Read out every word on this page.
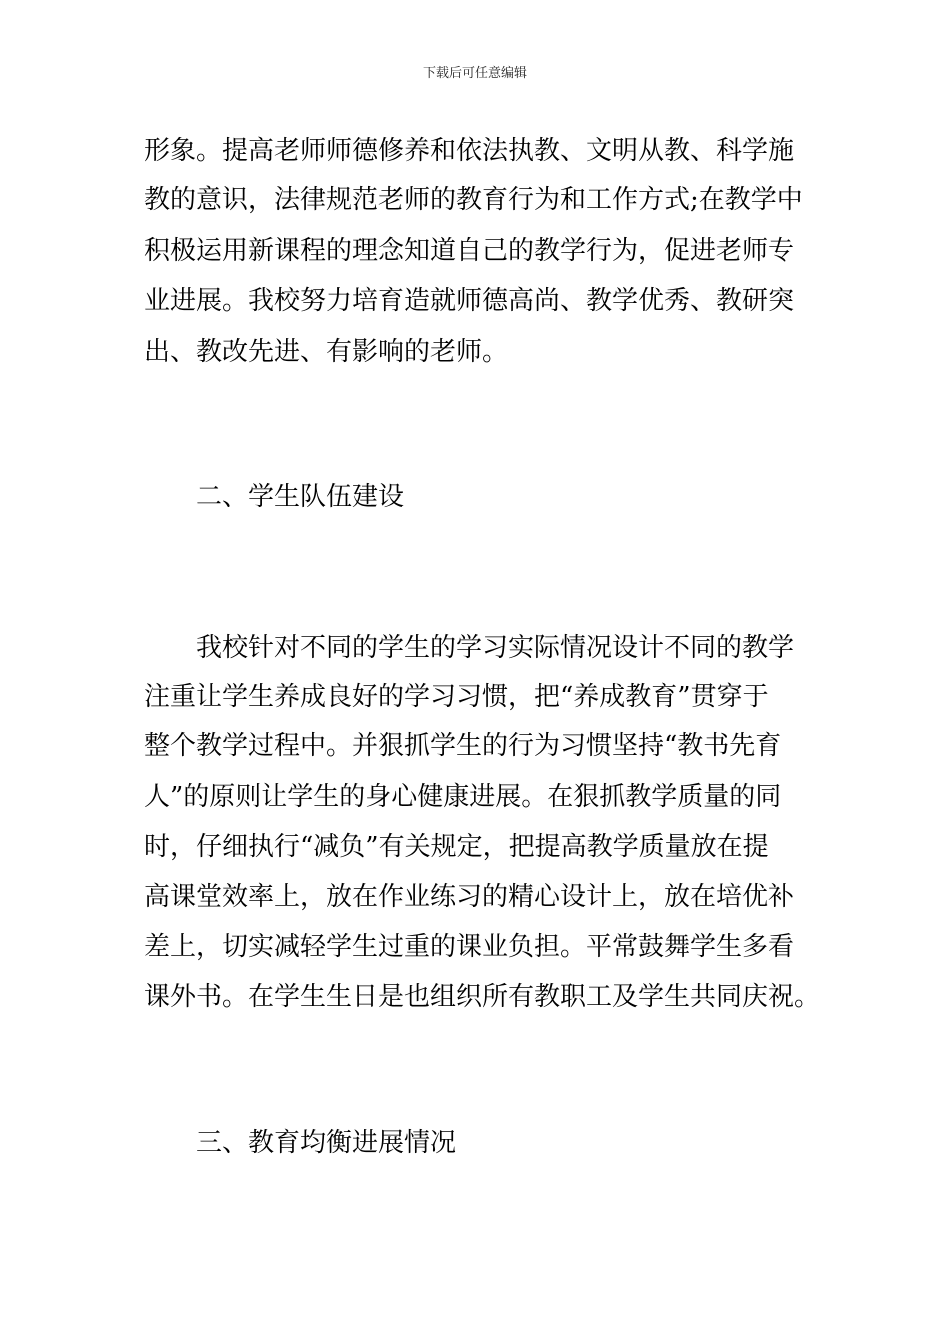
下载后可任意编辑
形象。提高老师师德修养和依法执教、文明从教、科学施
教的意识，法律规范老师的教育行为和工作方式;在教学中
积极运用新课程的理念知道自己的教学行为，促进老师专
业进展。我校努力培育造就师德高尚、教学优秀、教研突
出、教改先进、有影响的老师。
二、学生队伍建设
我校针对不同的学生的学习实际情况设计不同的教学
注重让学生养成良好的学习习惯，把“养成教育”贯穿于
整个教学过程中。并狠抓学生的行为习惯坚持“教书先育
人”的原则让学生的身心健康进展。在狠抓教学质量的同
时，仔细执行“减负”有关规定，把提高教学质量放在提
高课堂效率上，放在作业练习的精心设计上，放在培优补
差上，切实减轻学生过重的课业负担。平常鼓舞学生多看
课外书。在学生生日是也组织所有教职工及学生共同庆祝。
三、教育均衡进展情况
